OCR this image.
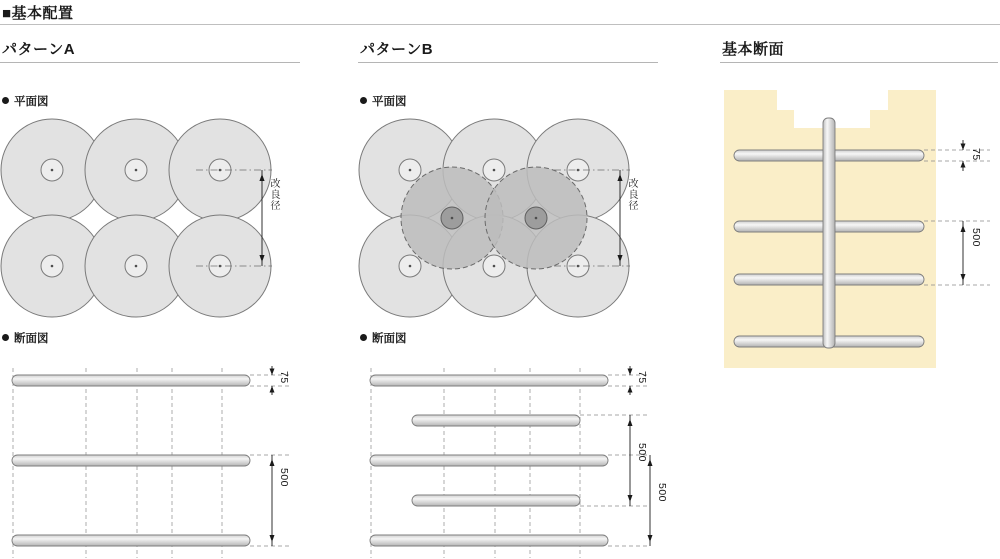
■基本配置
パターンA	パターンB	基本断面
平面図
断面図
平面図
断面図
改良径
75
500
改良径
75
500
500
75
500
